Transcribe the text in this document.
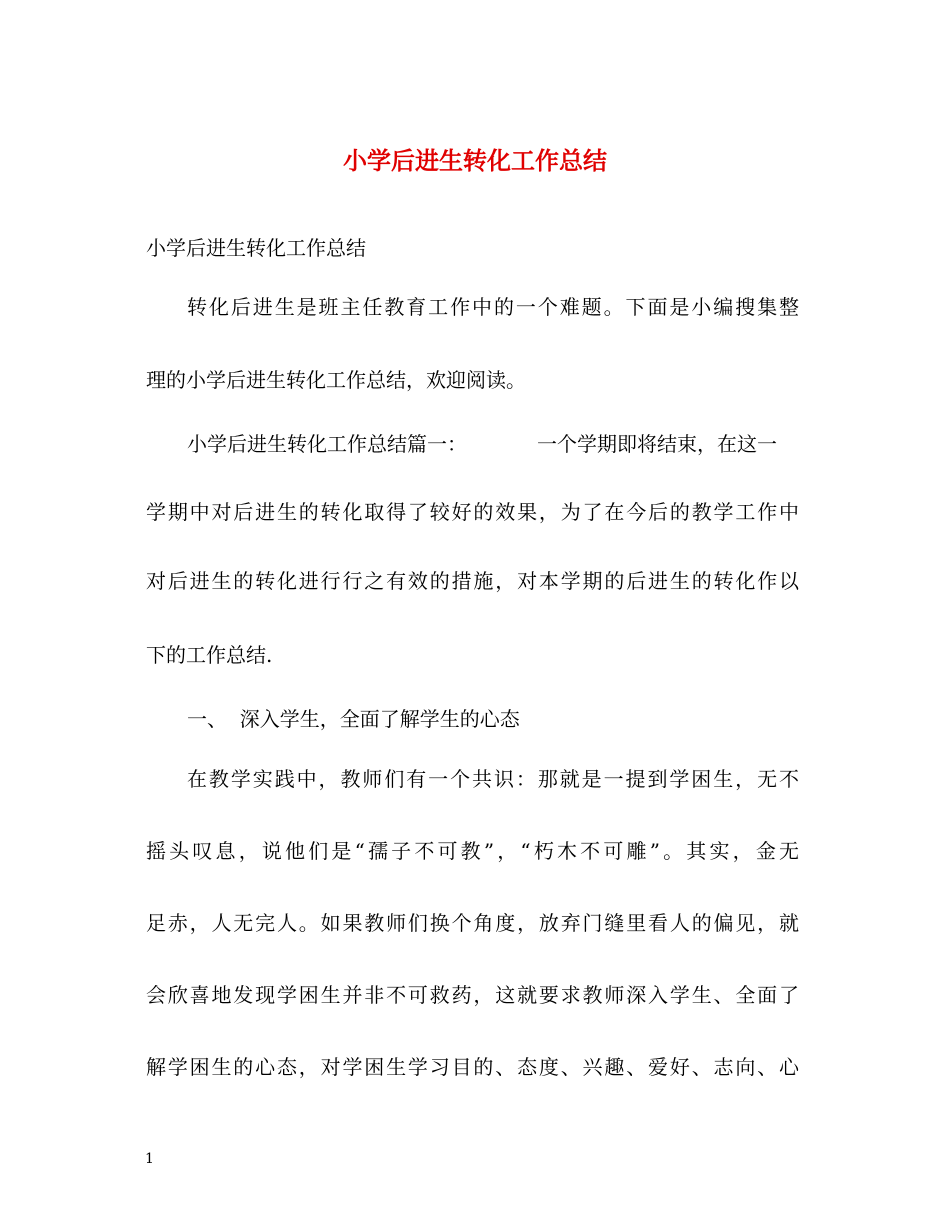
小学后进生转化工作总结
小学后进生转化工作总结
转化后进生是班主任教育工作中的一个难题。下面是小编搜集整
理的小学后进生转化工作总结，欢迎阅读。
小学后进生转化工作总结篇一：	一个学期即将结束，在这一
学期中对后进生的转化取得了较好的效果，为了在今后的教学工作中
对后进生的转化进行行之有效的措施，对本学期的后进生的转化作以
下的工作总结.
一、  深入学生，全面了解学生的心态
在教学实践中，教师们有一个共识：那就是一提到学困生，无不
摇头叹息，说他们是“孺子不可教”，“朽木不可雕”。其实，金无
足赤，人无完人。如果教师们换个角度，放弃门缝里看人的偏见，就
会欣喜地发现学困生并非不可救药，这就要求教师深入学生、全面了
解学困生的心态，对学困生学习目的、态度、兴趣、爱好、志向、心
1
